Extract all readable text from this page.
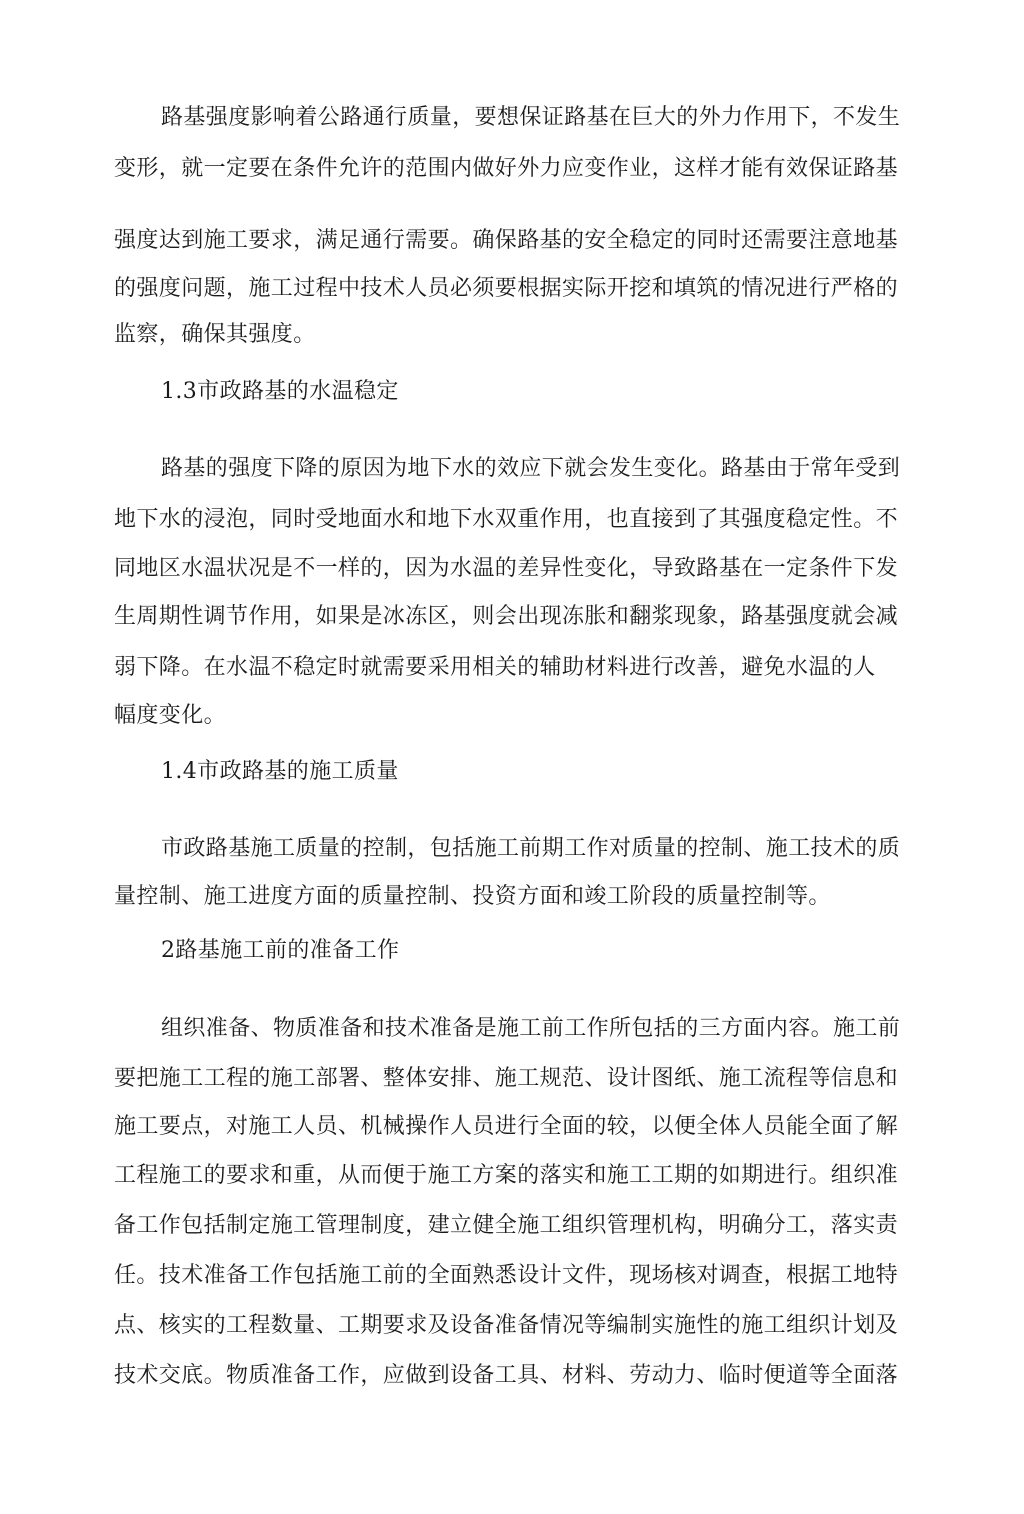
路基强度影响着公路通行质量，要想保证路基在巨大的外力作用下，不发生
变形，就一定要在条件允许的范围内做好外力应变作业，这样才能有效保证路基
强度达到施工要求，满足通行需要。确保路基的安全稳定的同时还需要注意地基
的强度问题，施工过程中技术人员必须要根据实际开挖和填筑的情况进行严格的
监察，确保其强度。
1.3市政路基的水温稳定
路基的强度下降的原因为地下水的效应下就会发生变化。路基由于常年受到
地下水的浸泡，同时受地面水和地下水双重作用，也直接到了其强度稳定性。不
同地区水温状况是不一样的，因为水温的差异性变化，导致路基在一定条件下发
生周期性调节作用，如果是冰冻区，则会出现冻胀和翻浆现象，路基强度就会减
弱下降。在水温不稳定时就需要采用相关的辅助材料进行改善，避免水温的人
幅度变化。
1.4市政路基的施工质量
市政路基施工质量的控制，包括施工前期工作对质量的控制、施工技术的质
量控制、施工进度方面的质量控制、投资方面和竣工阶段的质量控制等。
2路基施工前的准备工作
组织准备、物质准备和技术准备是施工前工作所包括的三方面内容。施工前
要把施工工程的施工部署、整体安排、施工规范、设计图纸、施工流程等信息和
施工要点，对施工人员、机械操作人员进行全面的较，以便全体人员能全面了解
工程施工的要求和重，从而便于施工方案的落实和施工工期的如期进行。组织准
备工作包括制定施工管理制度，建立健全施工组织管理机构，明确分工，落实责
任。技术准备工作包括施工前的全面熟悉设计文件，现场核对调查，根据工地特
点、核实的工程数量、工期要求及设备准备情况等编制实施性的施工组织计划及
技术交底。物质准备工作，应做到设备工具、材料、劳动力、临时便道等全面落
